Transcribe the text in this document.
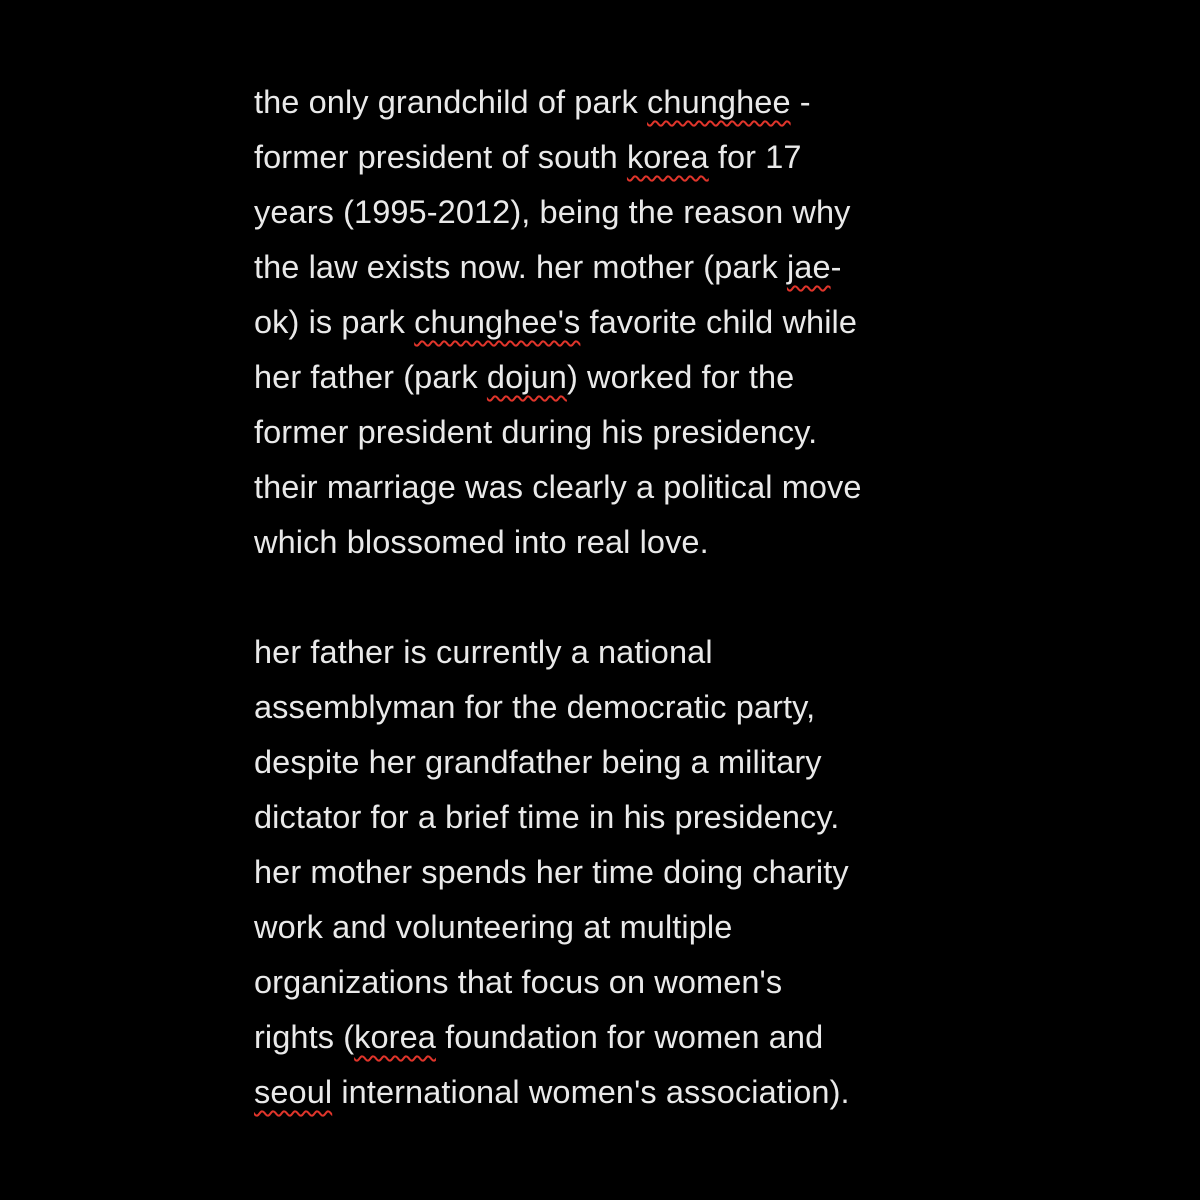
the only grandchild of park chunghee -
former president of south korea for 17
years (1995-2012), being the reason why
the law exists now. her mother (park jae-
ok) is park chunghee's favorite child while
her father (park dojun) worked for the
former president during his presidency.
their marriage was clearly a political move
which blossomed into real love.
her father is currently a national
assemblyman for the democratic party,
despite her grandfather being a military
dictator for a brief time in his presidency.
her mother spends her time doing charity
work and volunteering at multiple
organizations that focus on women's
rights (korea foundation for women and
seoul international women's association).
